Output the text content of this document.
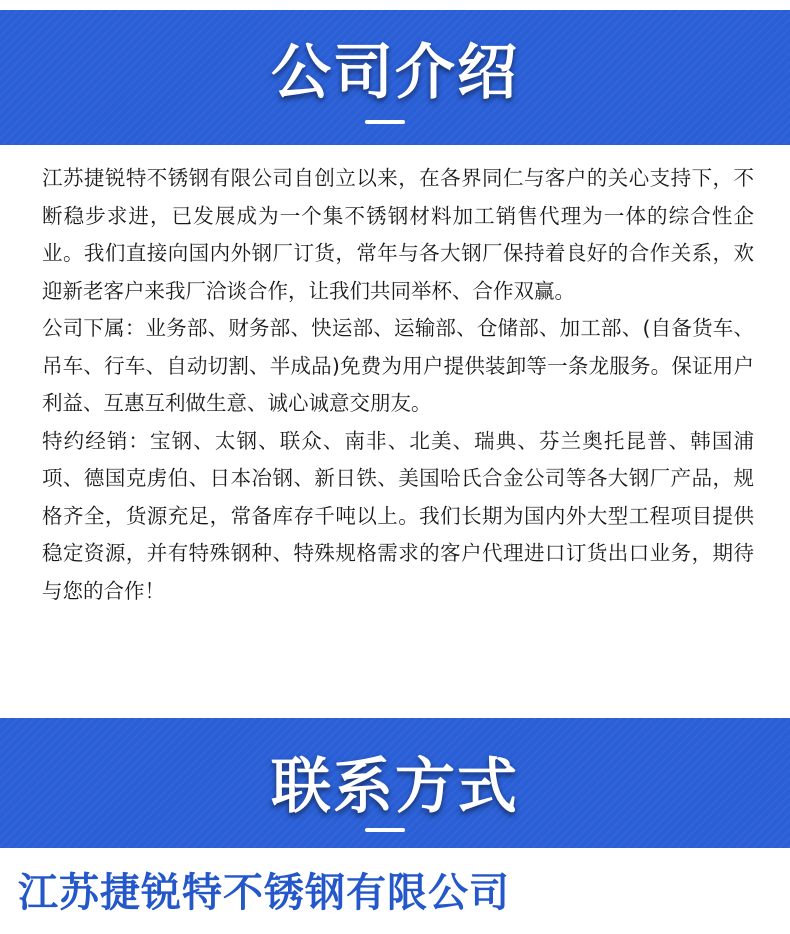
公司介绍

江苏捷锐特不锈钢有限公司自创立以来，在各界同仁与客户的关心支持下，不断稳步求进，已发展成为一个集不锈钢材料加工销售代理为一体的综合性企业。我们直接向国内外钢厂订货，常年与各大钢厂保持着良好的合作关系，欢迎新老客户来我厂洽谈合作，让我们共同举杯、合作双赢。

公司下属：业务部、财务部、快运部、运输部、仓储部、加工部、(自备货车、吊车、行车、自动切割、半成品)免费为用户提供装卸等一条龙服务。保证用户利益、互惠互利做生意、诚心诚意交朋友。

特约经销：宝钢、太钢、联众、南非、北美、瑞典、芬兰奥托昆普、韩国浦项、德国克虏伯、日本冶钢、新日铁、美国哈氏合金公司等各大钢厂产品，规格齐全，货源充足，常备库存千吨以上。我们长期为国内外大型工程项目提供稳定资源，并有特殊钢种、特殊规格需求的客户代理进口订货出口业务，期待与您的合作！

联系方式
江苏捷锐特不锈钢有限公司
